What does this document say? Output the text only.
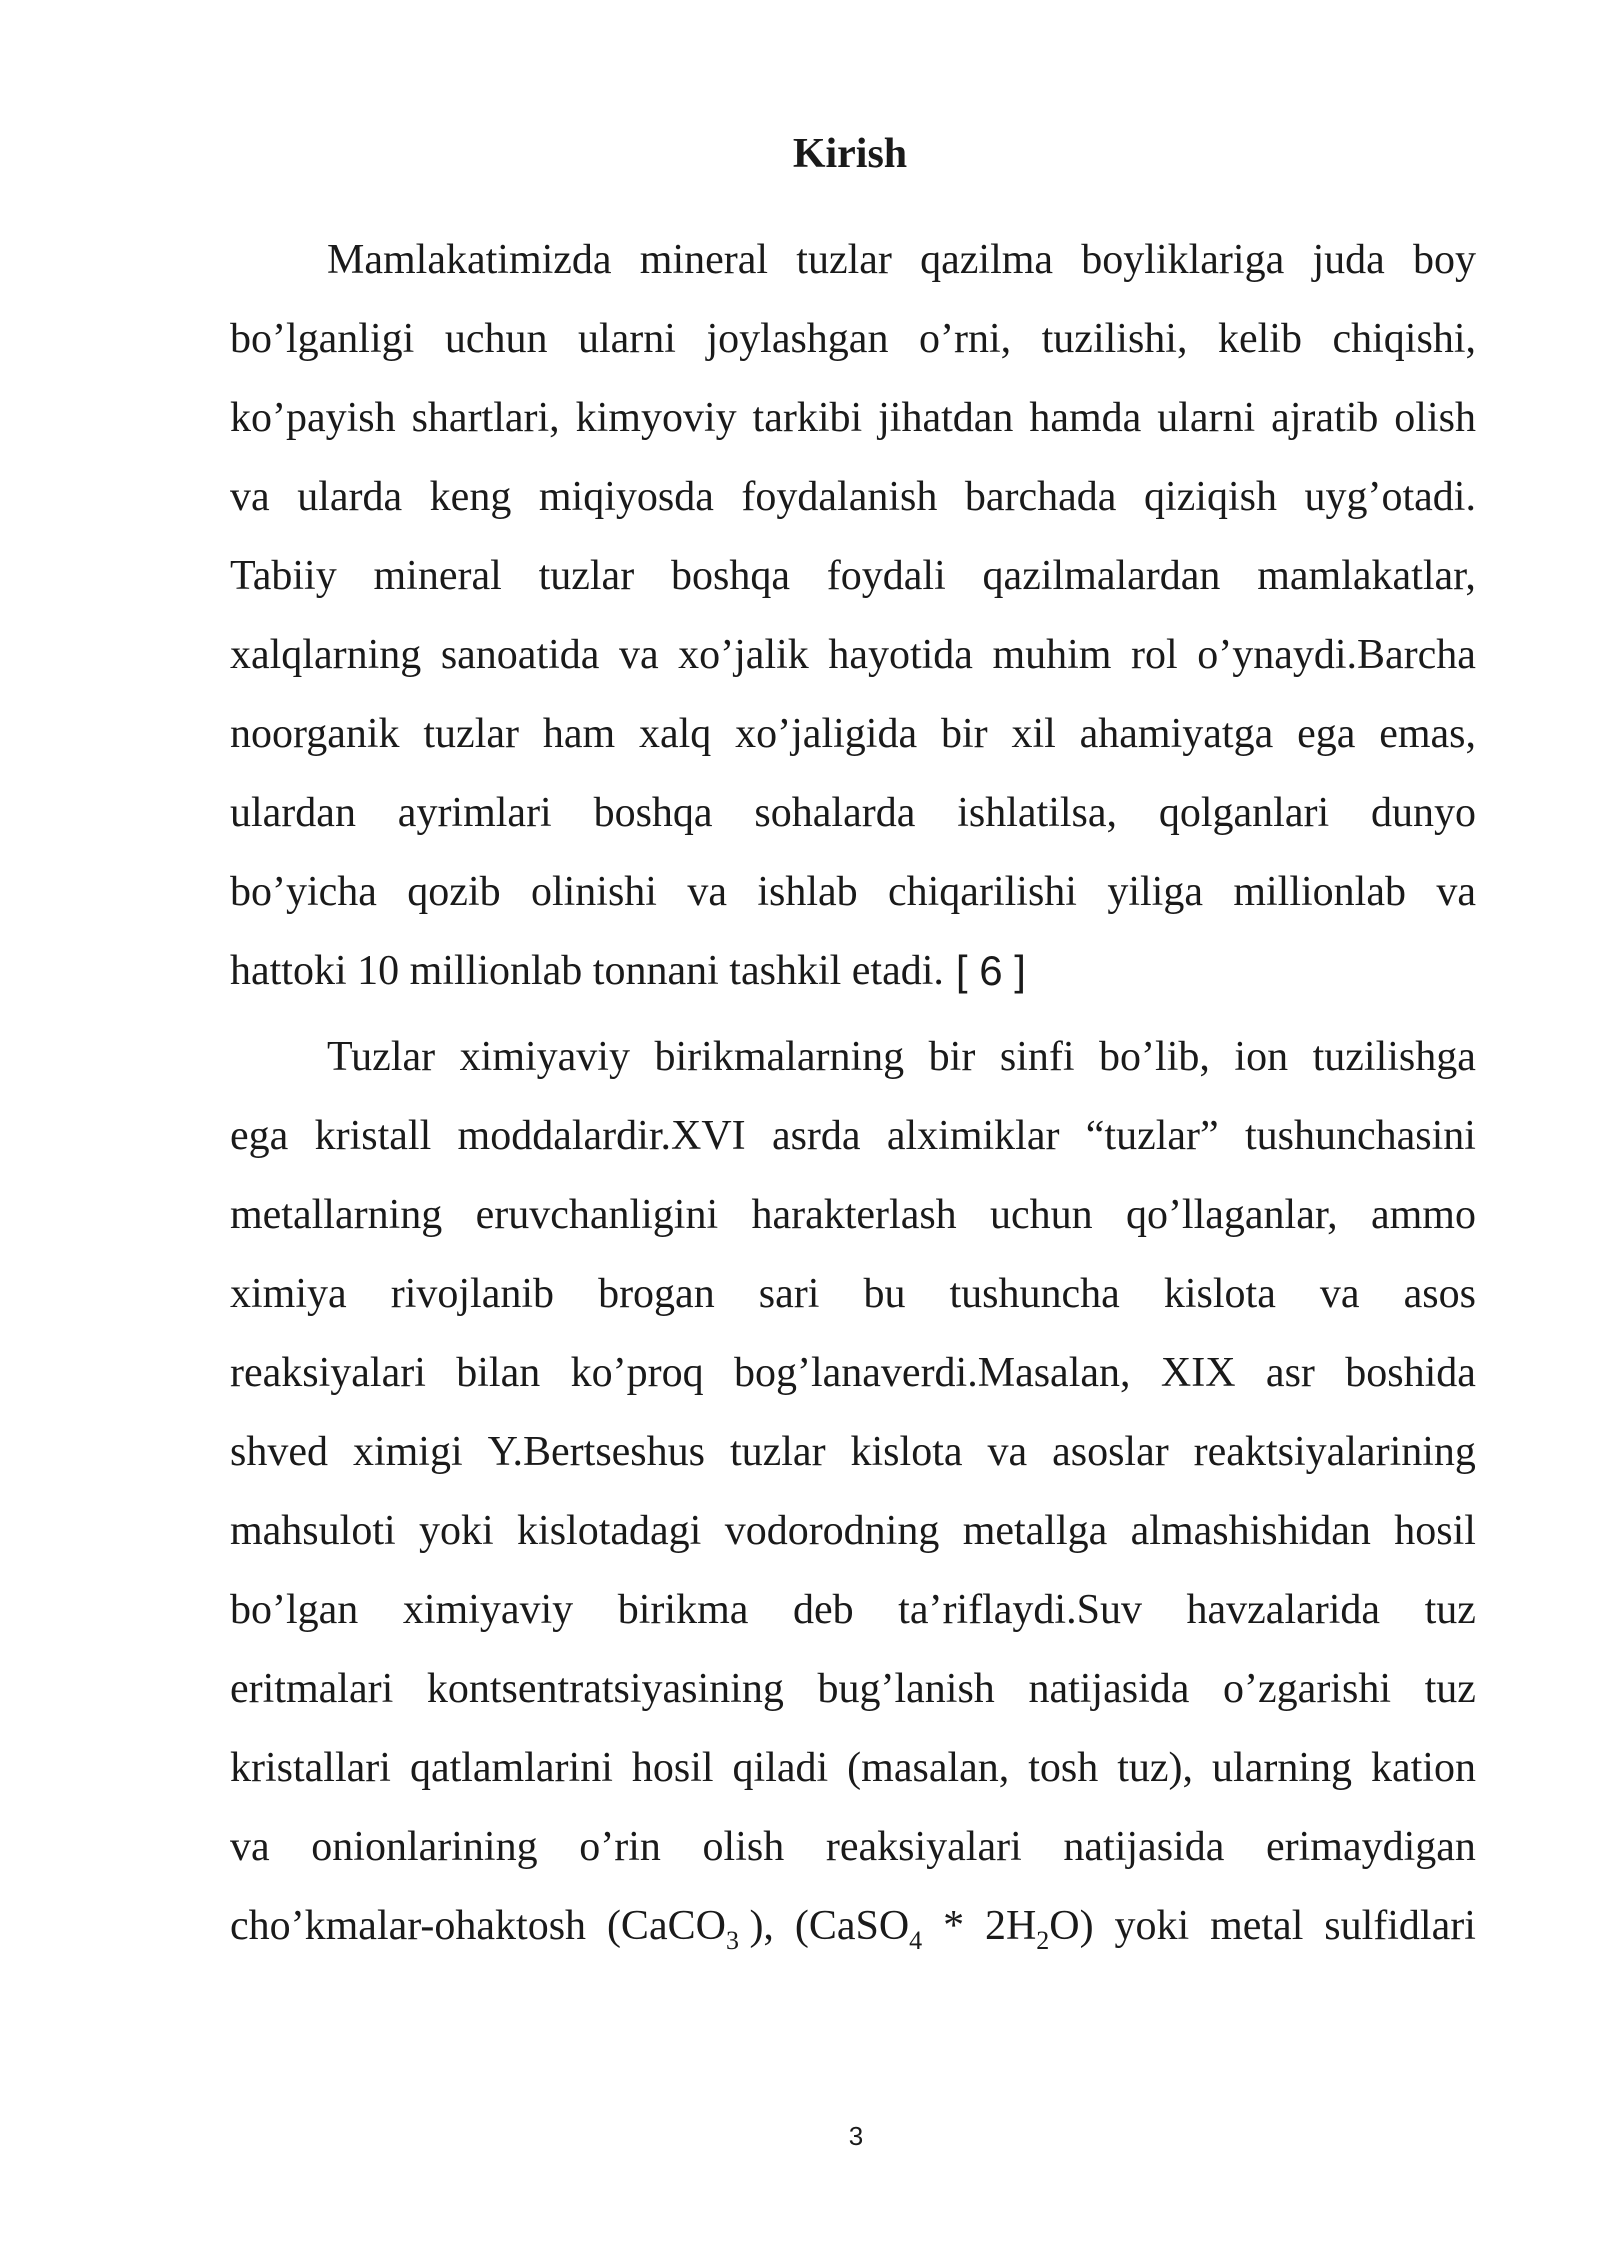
Kirish
Mamlakatimizda mineral tuzlar qazilma boyliklariga juda boy
bo’lganligi uchun ularni joylashgan o’rni, tuzilishi, kelib chiqishi,
ko’payish shartlari, kimyoviy tarkibi jihatdan hamda ularni ajratib olish
va ularda keng miqiyosda foydalanish barchada qiziqish uyg’otadi.
Tabiiy mineral tuzlar boshqa foydali qazilmalardan mamlakatlar,
xalqlarning sanoatida va xo’jalik hayotida muhim rol o’ynaydi.Barcha
noorganik tuzlar ham xalq xo’jaligida bir xil ahamiyatga ega emas,
ulardan ayrimlari boshqa sohalarda ishlatilsa, qolganlari dunyo
bo’yicha qozib olinishi va ishlab chiqarilishi yiliga millionlab va
hattoki 10 millionlab tonnani tashkil etadi. [ 6 ]
Tuzlar ximiyaviy birikmalarning bir sinfi bo’lib, ion tuzilishga
ega kristall moddalardir.XVI asrda alximiklar “tuzlar” tushunchasini
metallarning eruvchanligini harakterlash uchun qo’llaganlar, ammo
ximiya rivojlanib brogan sari bu tushuncha kislota va asos
reaksiyalari bilan ko’proq bog’lanaverdi.Masalan, XIX asr boshida
shved ximigi Y.Bertseshus tuzlar kislota va asoslar reaktsiyalarining
mahsuloti yoki kislotadagi vodorodning metallga almashishidan hosil
bo’lgan ximiyaviy birikma deb ta’riflaydi.Suv havzalarida tuz
eritmalari kontsentratsiyasining bug’lanish natijasida o’zgarishi tuz
kristallari qatlamlarini hosil qiladi (masalan, tosh tuz), ularning kation
va onionlarining o’rin olish reaksiyalari natijasida erimaydigan
cho’kmalar-ohaktosh (CaCO$_3$ ), (CaSO$_4$ * $2H_2O$) yoki metal sulfidlari
3
